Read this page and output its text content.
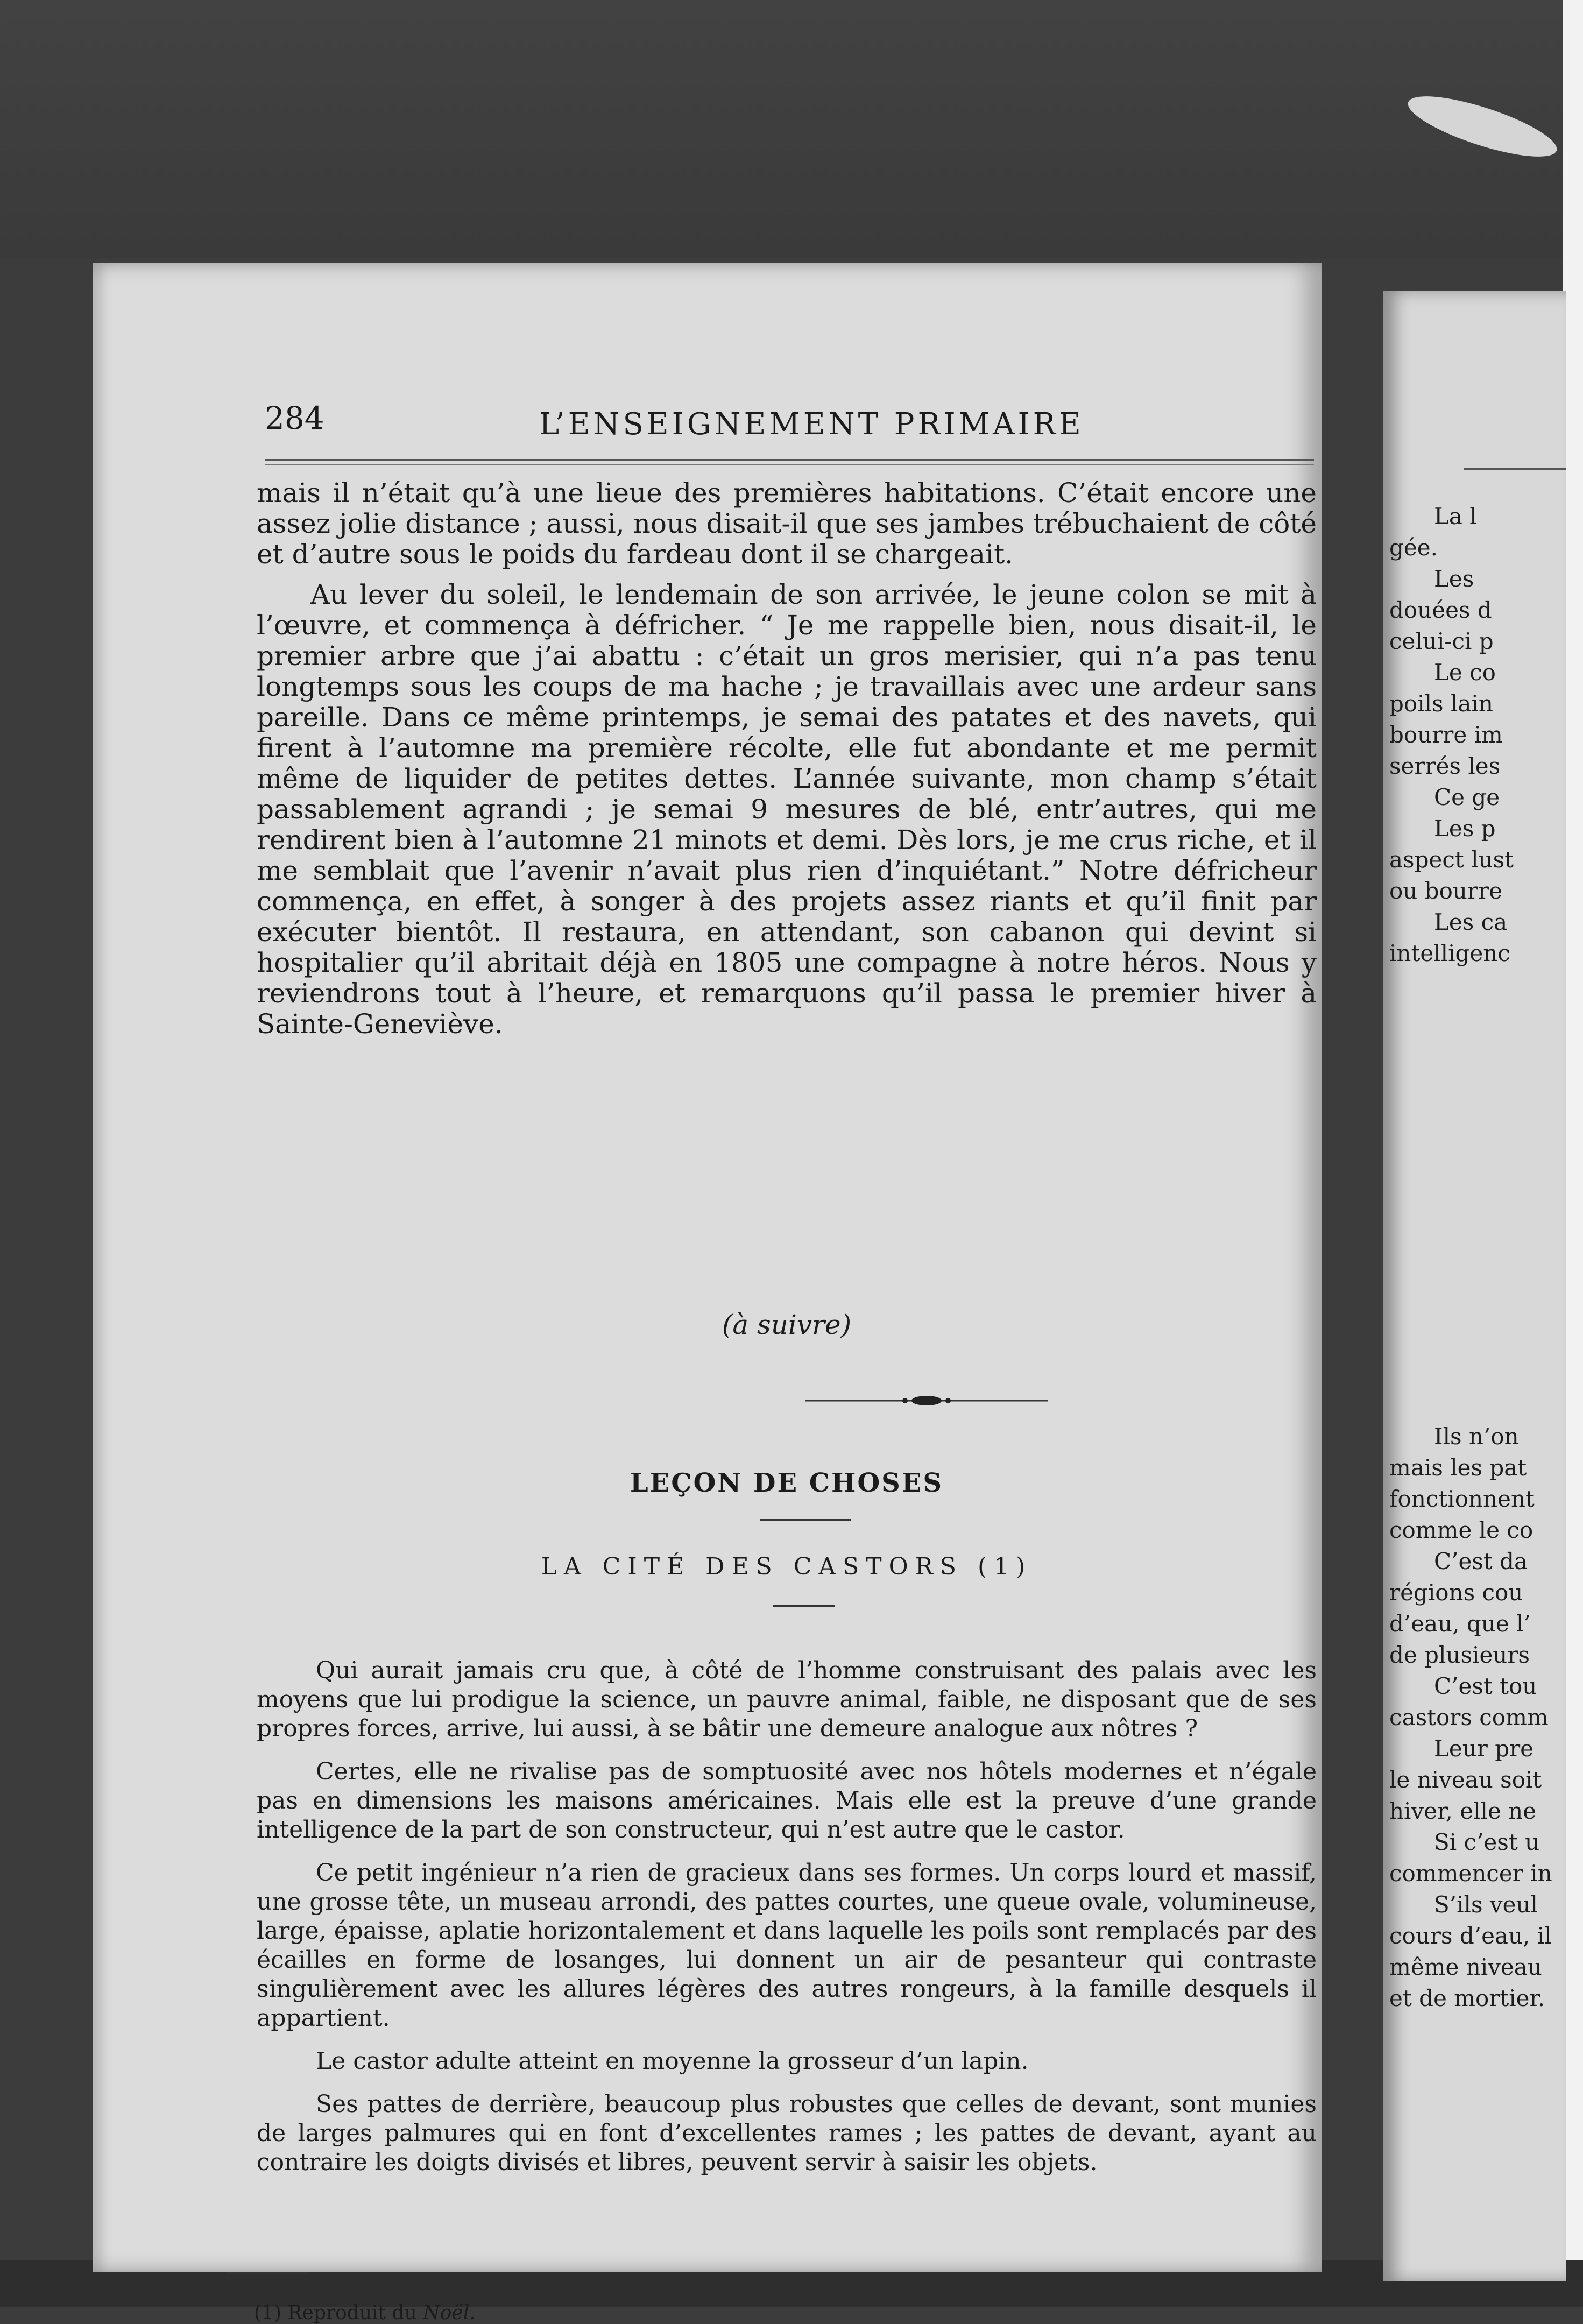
284	L’ENSEIGNEMENT PRIMAIRE

mais il n’était qu’à une lieue des premières habitations. C’était encore une assez jolie distance ; aussi, nous disait-il que ses jambes trébuchaient de côté et d’autre sous le poids du fardeau dont il se chargeait.

Au lever du soleil, le lendemain de son arrivée, le jeune colon se mit à l’œuvre, et commença à défricher. “ Je me rappelle bien, nous disait-il, le premier arbre que j’ai abattu : c’était un gros merisier, qui n’a pas tenu longtemps sous les coups de ma hache ; je travaillais avec une ardeur sans pareille. Dans ce même printemps, je semai des patates et des navets, qui firent à l’automne ma première récolte, elle fut abondante et me permit même de liquider de petites dettes. L’année suivante, mon champ s’était passablement agrandi ; je semai 9 mesures de blé, entr’autres, qui me rendirent bien à l’automne 21 minots et demi. Dès lors, je me crus riche, et il me semblait que l’avenir n’avait plus rien d’inquiétant.” Notre défricheur commença, en effet, à songer à des projets assez riants et qu’il finit par exécuter bientôt. Il restaura, en attendant, son cabanon qui devint si hospitalier qu’il abritait déjà en 1805 une compagne à notre héros. Nous y reviendrons tout à l’heure, et remarquons qu’il passa le premier hiver à Sainte-Geneviève.

(à suivre)
LEÇON DE CHOSES
LA CITÉ DES CASTORS (1)

Qui aurait jamais cru que, à côté de l’homme construisant des palais avec les moyens que lui prodigue la science, un pauvre animal, faible, ne disposant que de ses propres forces, arrive, lui aussi, à se bâtir une demeure analogue aux nôtres ?

Certes, elle ne rivalise pas de somptuosité avec nos hôtels modernes et n’égale pas en dimensions les maisons américaines. Mais elle est la preuve d’une grande intelligence de la part de son constructeur, qui n’est autre que le castor.

Ce petit ingénieur n’a rien de gracieux dans ses formes. Un corps lourd et massif, une grosse tête, un museau arrondi, des pattes courtes, une queue ovale, volumineuse, large, épaisse, aplatie horizontalement et dans laquelle les poils sont remplacés par des écailles en forme de losanges, lui donnent un air de pesanteur qui contraste singulièrement avec les allures légères des autres rongeurs, à la famille desquels il appartient.

Le castor adulte atteint en moyenne la grosseur d’un lapin.

Ses pattes de derrière, beaucoup plus robustes que celles de devant, sont munies de larges palmures qui en font d’excellentes rames ; les pattes de devant, ayant au contraire les doigts divisés et libres, peuvent servir à saisir les objets.

(1) Reproduit du Noël.
La l
gée.
Les
douées d
celui-ci p
Le co
poils lain
bourre im
serrés les
Ce ge
Les p
aspect lust
ou bourre
Les ca
intelligenc
Ils n’on
mais les pat
fonctionnent
comme le co
C’est da
régions cou
d’eau, que l’
de plusieurs
C’est tou
castors comm
Leur pre
le niveau soit
hiver, elle ne
Si c’est u
commencer in
S’ils veul
cours d’eau, il
même niveau
et de mortier.
